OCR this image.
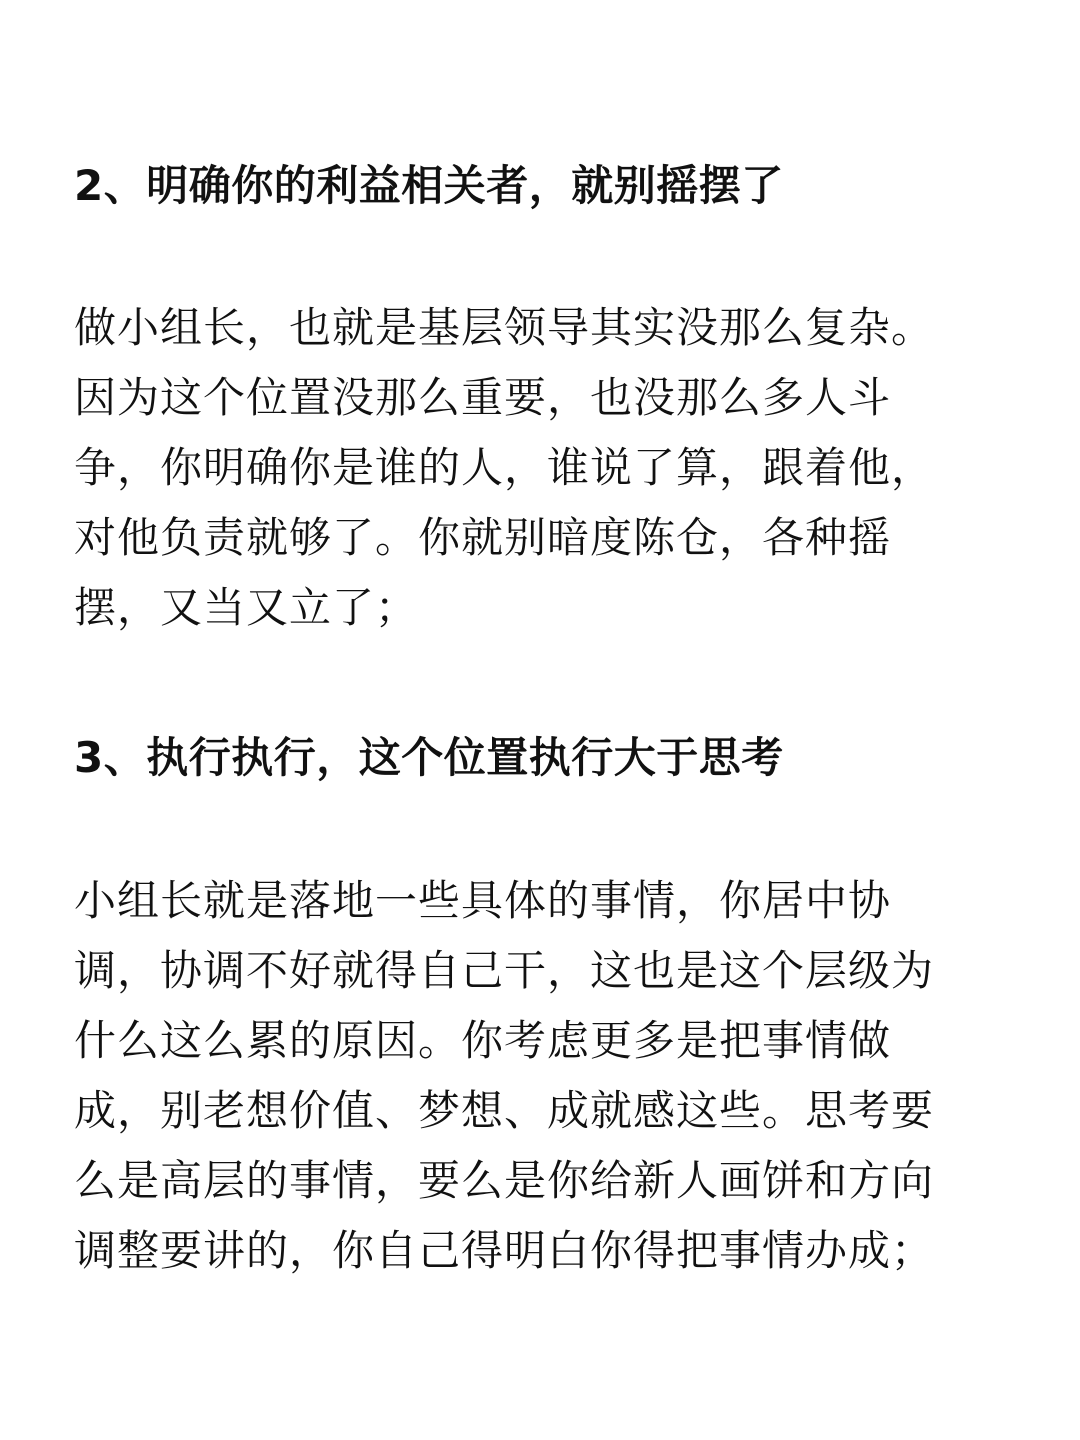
2、明确你的利益相关者，就别摇摆了

做小组长，也就是基层领导其实没那么复杂。
因为这个位置没那么重要，也没那么多人斗
争，你明确你是谁的人，谁说了算，跟着他，
对他负责就够了。你就别暗度陈仓，各种摇
摆，又当又立了；

3、执行执行，这个位置执行大于思考

小组长就是落地一些具体的事情，你居中协
调，协调不好就得自己干，这也是这个层级为
什么这么累的原因。你考虑更多是把事情做
成，别老想价值、梦想、成就感这些。思考要
么是高层的事情，要么是你给新人画饼和方向
调整要讲的，你自己得明白你得把事情办成；
